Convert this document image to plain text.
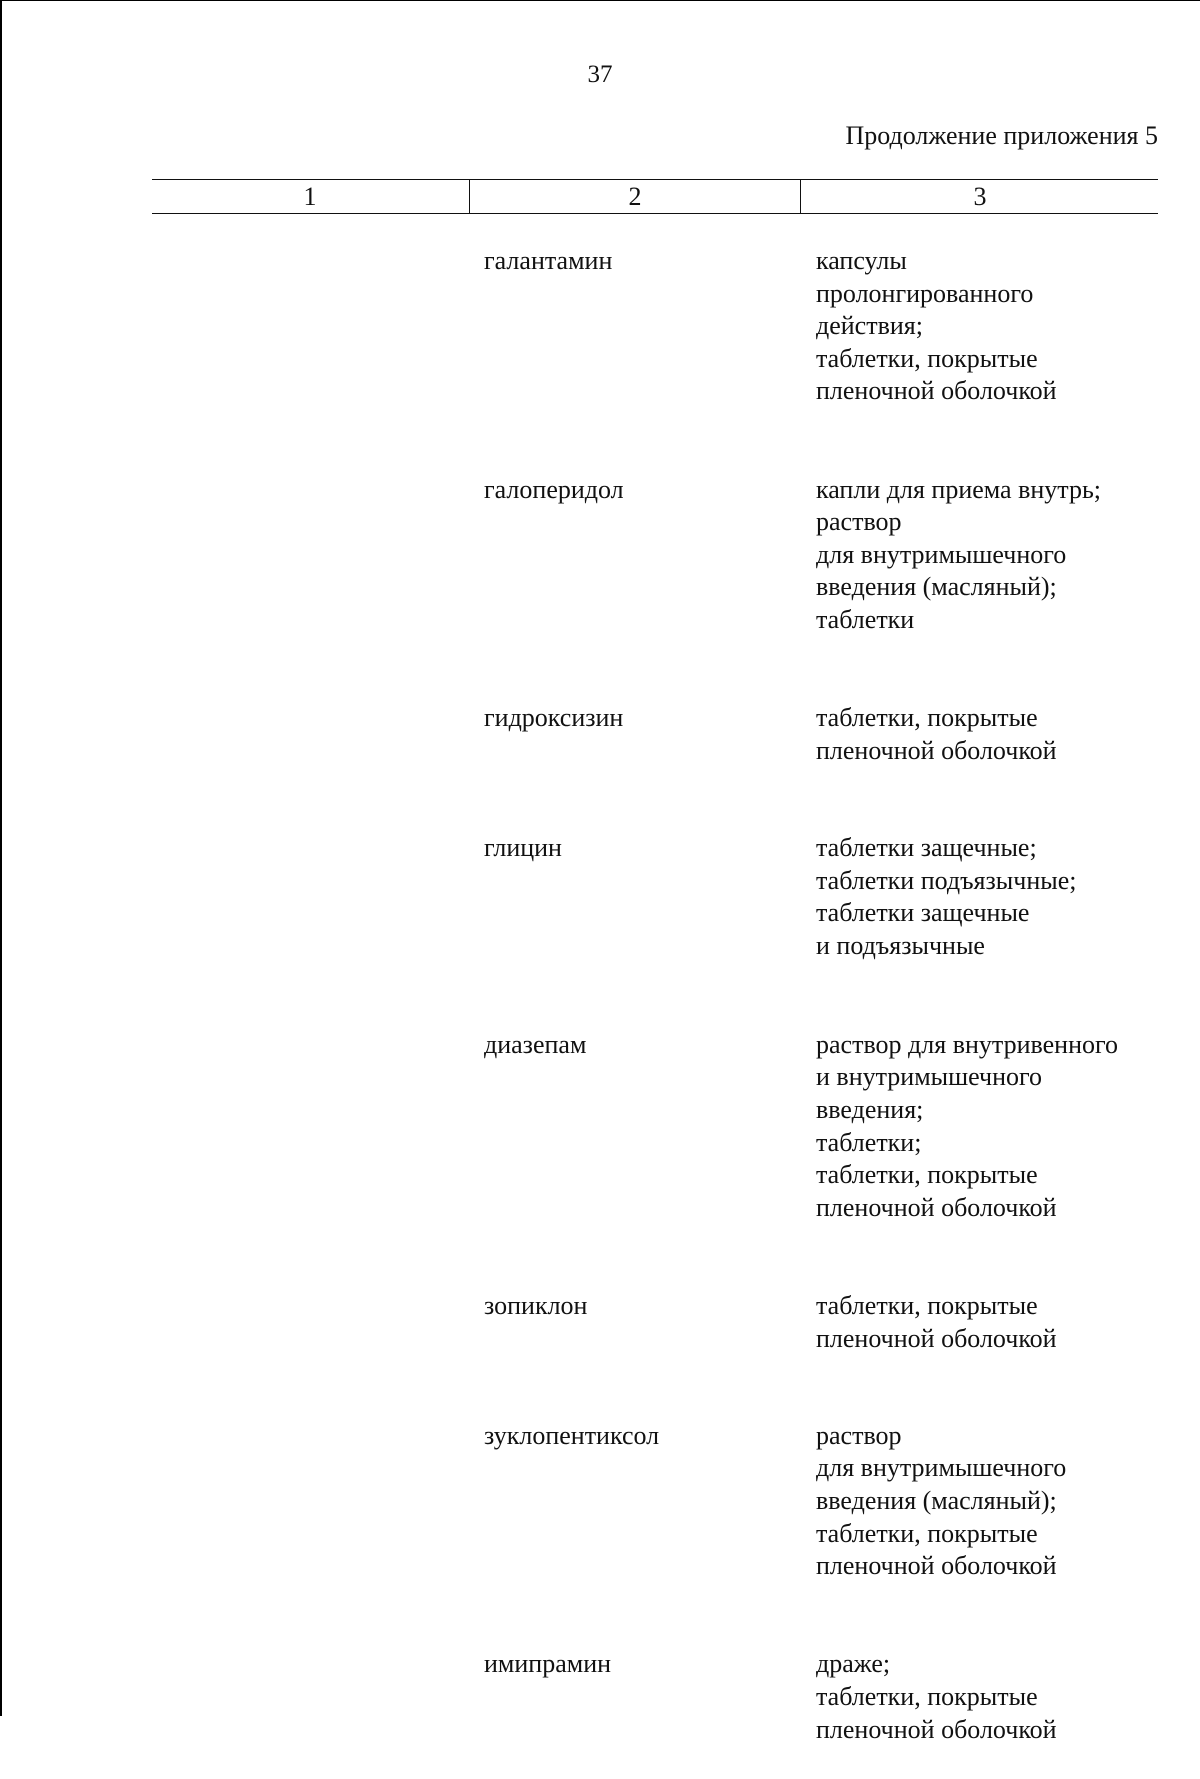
37
Продолжение приложения 5
1	2	3
галантамин	капсулы
пролонгированного
действия;
таблетки, покрытые
пленочной оболочкой
галоперидол	капли для приема внутрь;
раствор
для внутримышечного
введения (масляный);
таблетки
гидроксизин	таблетки, покрытые
пленочной оболочкой
глицин	таблетки защечные;
таблетки подъязычные;
таблетки защечные
и подъязычные
диазепам	раствор для внутривенного
и внутримышечного
введения;
таблетки;
таблетки, покрытые
пленочной оболочкой
зопиклон	таблетки, покрытые
пленочной оболочкой
зуклопентиксол	раствор
для внутримышечного
введения (масляный);
таблетки, покрытые
пленочной оболочкой
имипрамин	драже;
таблетки, покрытые
пленочной оболочкой
